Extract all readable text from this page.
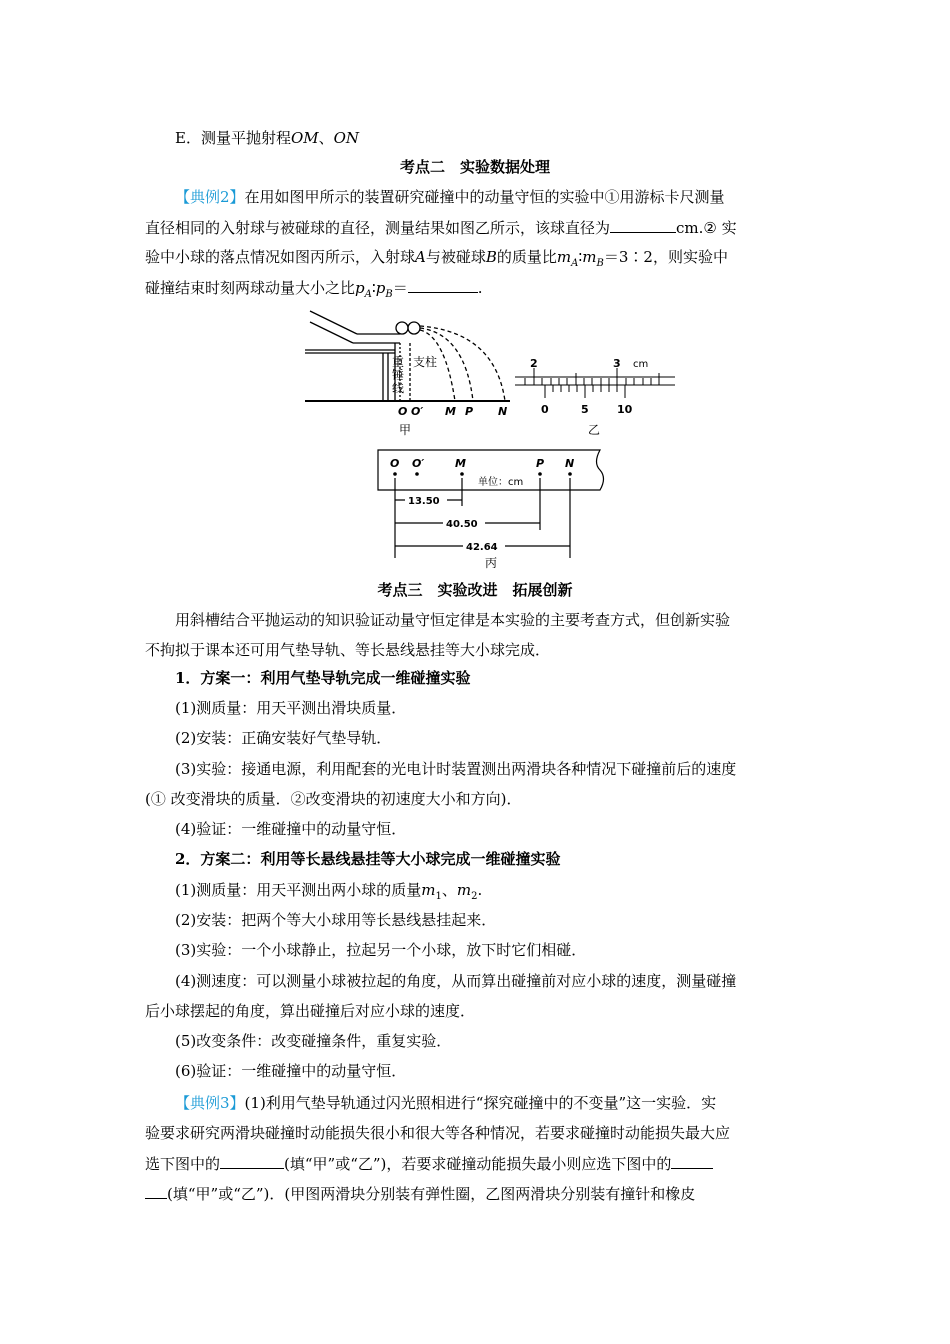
E．测量平抛射程OM、ON
考点二　实验数据处理
【典例2】在用如图甲所示的装置研究碰撞中的动量守恒的实验中①用游标卡尺测量
直径相同的入射球与被碰球的直径，测量结果如图乙所示，该球直径为	cm.② 实
验中小球的落点情况如图丙所示，入射球A与被碰球B的质量比$m_A∶m_B=3∶2$，则实验中
碰撞结束时刻两球动量大小之比$p_A∶p_B=$	.
重
锤
线
支柱
O O′ M P N
甲
2	3 cm
0	5	10
乙
O O′	M	P N
单位：cm
13.50
40.50
42.64
丙
考点三　实验改进　拓展创新
用斜槽结合平抛运动的知识验证动量守恒定律是本实验的主要考查方式，但创新实验
不拘拟于课本还可用气垫导轨、等长悬线悬挂等大小球完成．
1．方案一：利用气垫导轨完成一维碰撞实验
(1)测质量：用天平测出滑块质量．
(2)安装：正确安装好气垫导轨．
(3)实验：接通电源，利用配套的光电计时装置测出两滑块各种情况下碰撞前后的速度
(① 改变滑块的质量．②改变滑块的初速度大小和方向)．
(4)验证：一维碰撞中的动量守恒．
2．方案二：利用等长悬线悬挂等大小球完成一维碰撞实验
(1)测质量：用天平测出两小球的质量$m_1$、$m_2$.
(2)安装：把两个等大小球用等长悬线悬挂起来．
(3)实验：一个小球静止，拉起另一个小球，放下时它们相碰．
(4)测速度：可以测量小球被拉起的角度，从而算出碰撞前对应小球的速度，测量碰撞
后小球摆起的角度，算出碰撞后对应小球的速度．
(5)改变条件：改变碰撞条件，重复实验．
(6)验证：一维碰撞中的动量守恒．
【典例3】(1)利用气垫导轨通过闪光照相进行“探究碰撞中的不变量”这一实验．实
验要求研究两滑块碰撞时动能损失很小和很大等各种情况，若要求碰撞时动能损失最大应
选下图中的	(填“甲”或“乙”)，若要求碰撞动能损失最小则应选下图中的
(填“甲”或“乙”)．(甲图两滑块分别装有弹性圈，乙图两滑块分别装有撞针和橡皮
